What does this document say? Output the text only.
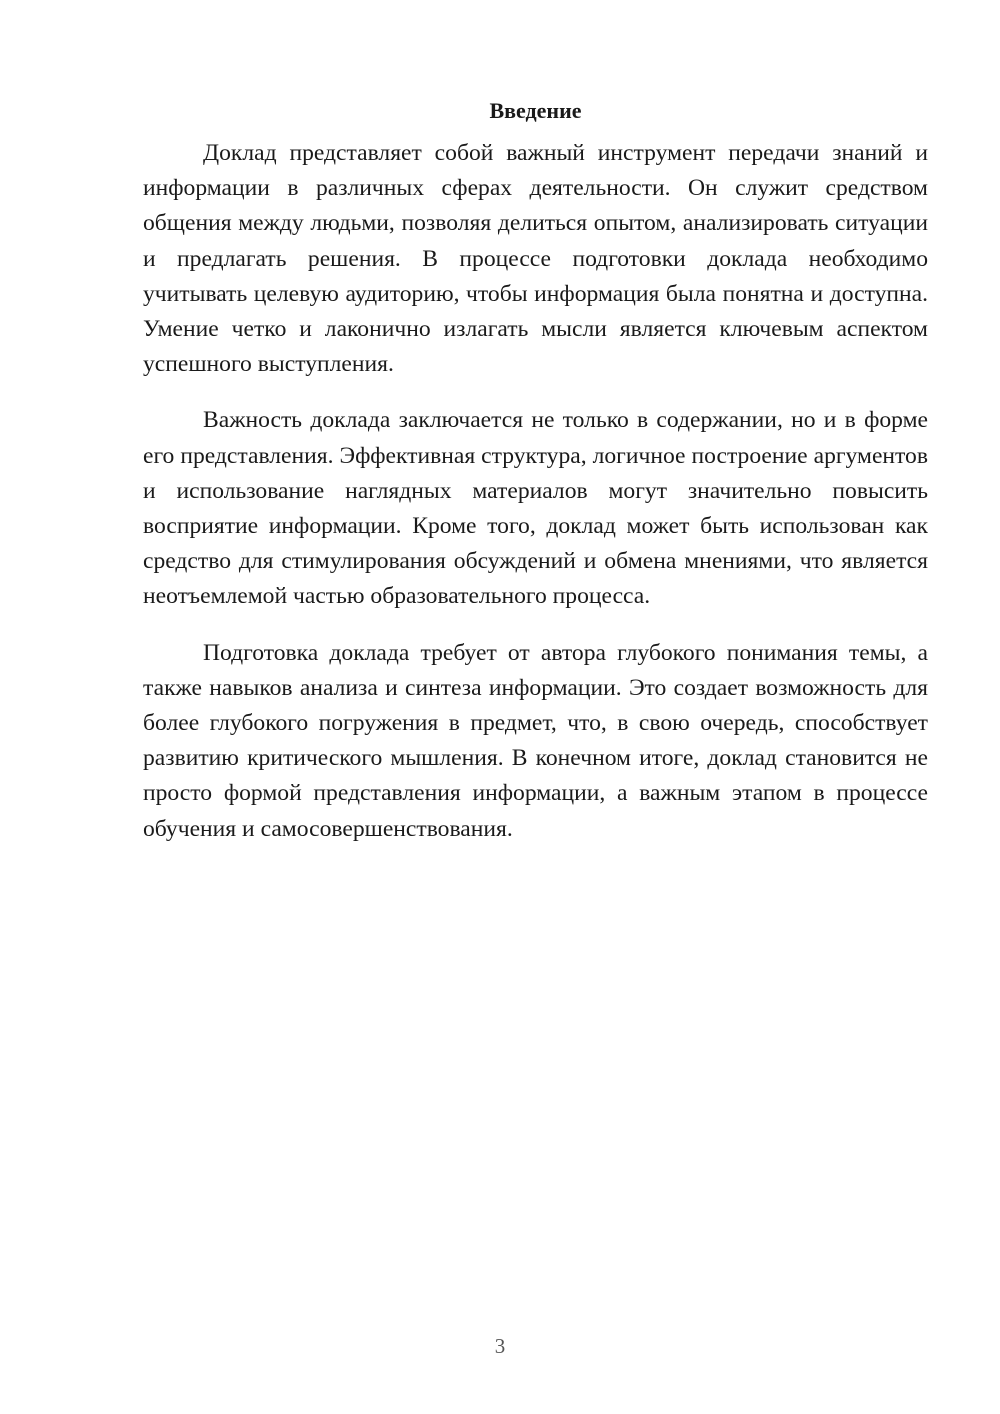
Введение

Доклад представляет собой важный инструмент передачи знаний и информации в различных сферах деятельности. Он служит средством общения между людьми, позволяя делиться опытом, анализировать ситуации и предлагать решения. В процессе подготовки доклада необходимо учитывать целевую аудиторию, чтобы информация была понятна и доступна. Умение четко и лаконично излагать мысли является ключевым аспектом успешного выступления.

Важность доклада заключается не только в содержании, но и в форме его представления. Эффективная структура, логичное построение аргументов и использование наглядных материалов могут значительно повысить восприятие информации. Кроме того, доклад может быть использован как средство для стимулирования обсуждений и обмена мнениями, что является неотъемлемой частью образовательного процесса.

Подготовка доклада требует от автора глубокого понимания темы, а также навыков анализа и синтеза информации. Это создает возможность для более глубокого погружения в предмет, что, в свою очередь, способствует развитию критического мышления. В конечном итоге, доклад становится не просто формой представления информации, а важным этапом в процессе обучения и самосовершенствования.

3
